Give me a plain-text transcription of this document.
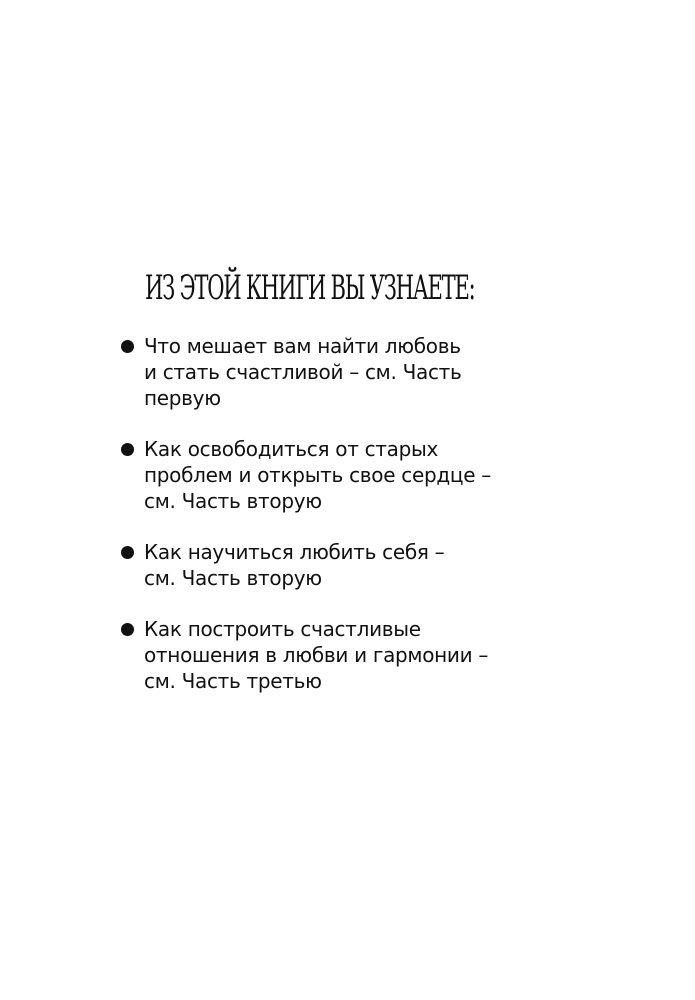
ИЗ ЭТОЙ КНИГИ ВЫ УЗНАЕТЕ:
Что мешает вам найти любовь
и стать счастливой – см. Часть
первую
Как освободиться от старых
проблем и открыть свое сердце –
см. Часть вторую
Как научиться любить себя –
см. Часть вторую
Как построить счастливые
отношения в любви и гармонии –
см. Часть третью
